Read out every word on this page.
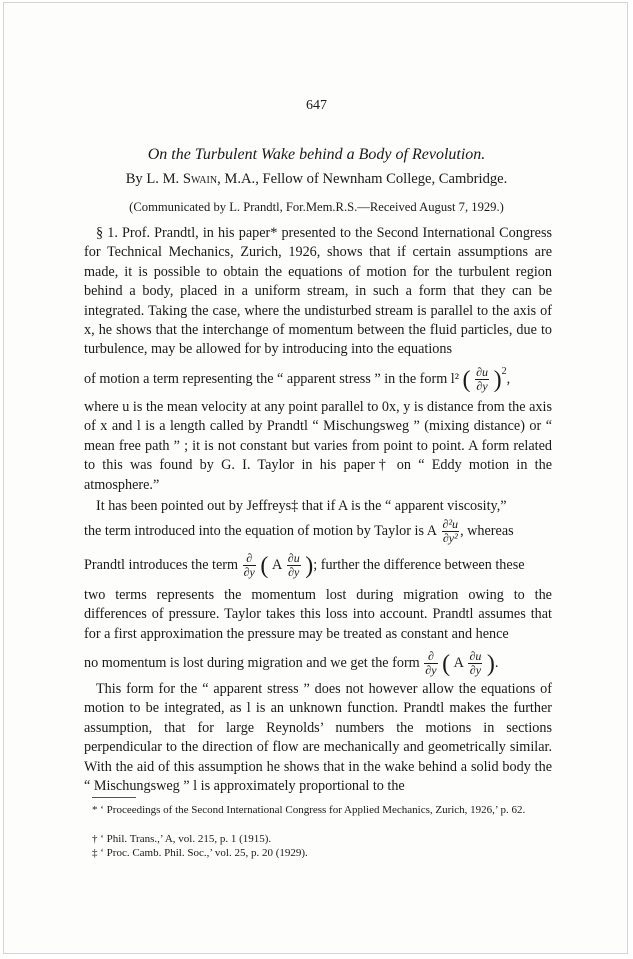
647
On the Turbulent Wake behind a Body of Revolution.
By L. M. Swain, M.A., Fellow of Newnham College, Cambridge.
(Communicated by L. Prandtl, For.Mem.R.S.—Received August 7, 1929.)

§ 1. Prof. Prandtl, in his paper* presented to the Second International Congress for Technical Mechanics, Zurich, 1926, shows that if certain assumptions are made, it is possible to obtain the equations of motion for the turbulent region behind a body, placed in a uniform stream, in such a form that they can be integrated. Taking the case, where the undisturbed stream is parallel to the axis of x, he shows that the interchange of momentum between the fluid particles, due to turbulence, may be allowed for by introducing into the equations

of motion a term representing the “ apparent stress ” in the form l² ( $\frac{\partial u}{\partial y} )2$,

where u is the mean velocity at any point parallel to 0x, y is distance from the axis of x and l is a length called by Prandtl “ Mischungsweg ” (mixing distance) or “ mean free path ” ; it is not constant but varies from point to point. A form related to this was found by G. I. Taylor in his paper† on “ Eddy motion in the atmosphere.”

It has been pointed out by Jeffreys‡ that if A is the “ apparent viscosity,”

the term introduced into the equation of motion by Taylor is A $\frac{\text{∂²u}}{\text{∂y²}}$ , whereas
Prandtl introduces the term $\frac{\partial}{\partial y}$ ( A $\frac{\partial u}{\partial y}$ ); further the difference between these

two terms represents the momentum lost during migration owing to the differences of pressure. Taylor takes this loss into account. Prandtl assumes that for a first approximation the pressure may be treated as constant and hence

no momentum is lost during migration and we get the form $\frac{\partial}{\partial y}$ ( A $\frac{\partial u}{\partial y}$ ).

This form for the “ apparent stress ” does not however allow the equations of motion to be integrated, as l is an unknown function. Prandtl makes the further assumption, that for large Reynolds’ numbers the motions in sections perpendicular to the direction of flow are mechanically and geometrically similar. With the aid of this assumption he shows that in the wake behind a solid body the “ Mischungsweg ” l is approximately proportional to the

* ‘ Proceedings of the Second International Congress for Applied Mechanics, Zurich, 1926,’ p. 62.
† ‘ Phil. Trans.,’ A, vol. 215, p. 1 (1915).
‡ ‘ Proc. Camb. Phil. Soc.,’ vol. 25, p. 20 (1929).
